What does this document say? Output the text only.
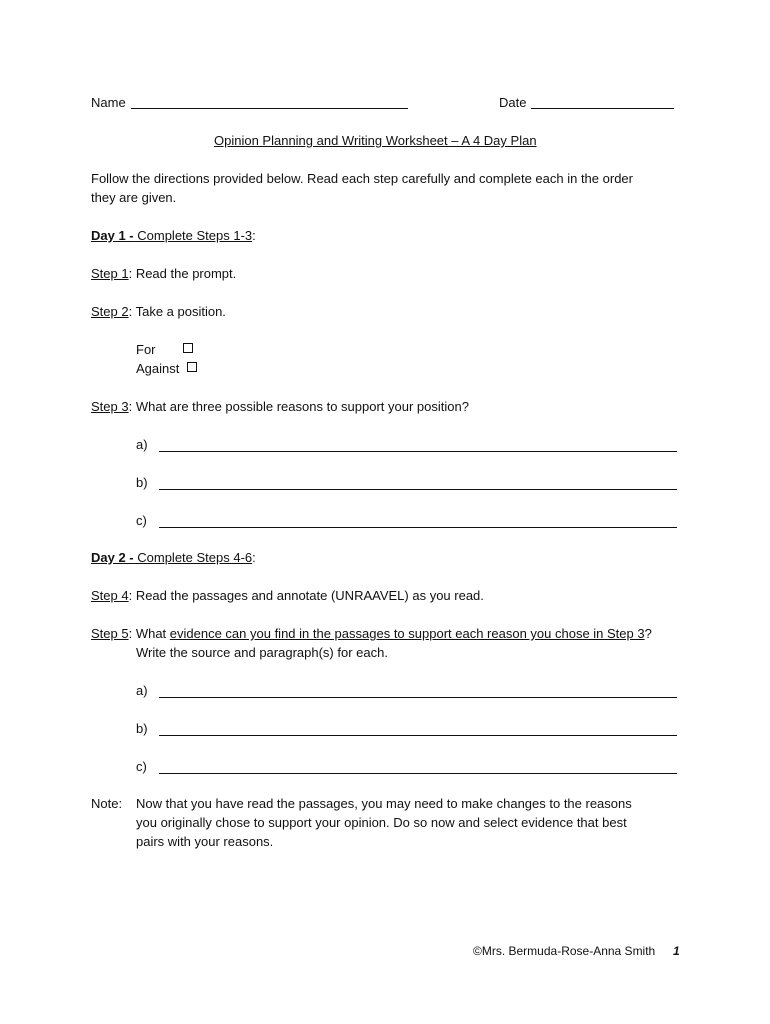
Name	Date
Opinion Planning and Writing Worksheet – A 4 Day Plan
Follow the directions provided below. Read each step carefully and complete each in the order
they are given.
Day 1 - Complete Steps 1-3:
Step 1: Read the prompt.
Step 2: Take a position.
For
Against
Step 3: What are three possible reasons to support your position?
a)
b)
c)
Day 2 - Complete Steps 4-6:
Step 4: Read the passages and annotate (UNRAAVEL) as you read.
Step 5: What evidence can you find in the passages to support each reason you chose in Step 3?
Write the source and paragraph(s) for each.
a)
b)
c)
Note: Now that you have read the passages, you may need to make changes to the reasons
you originally chose to support your opinion. Do so now and select evidence that best
pairs with your reasons.
©Mrs. Bermuda-Rose-Anna Smith 1
